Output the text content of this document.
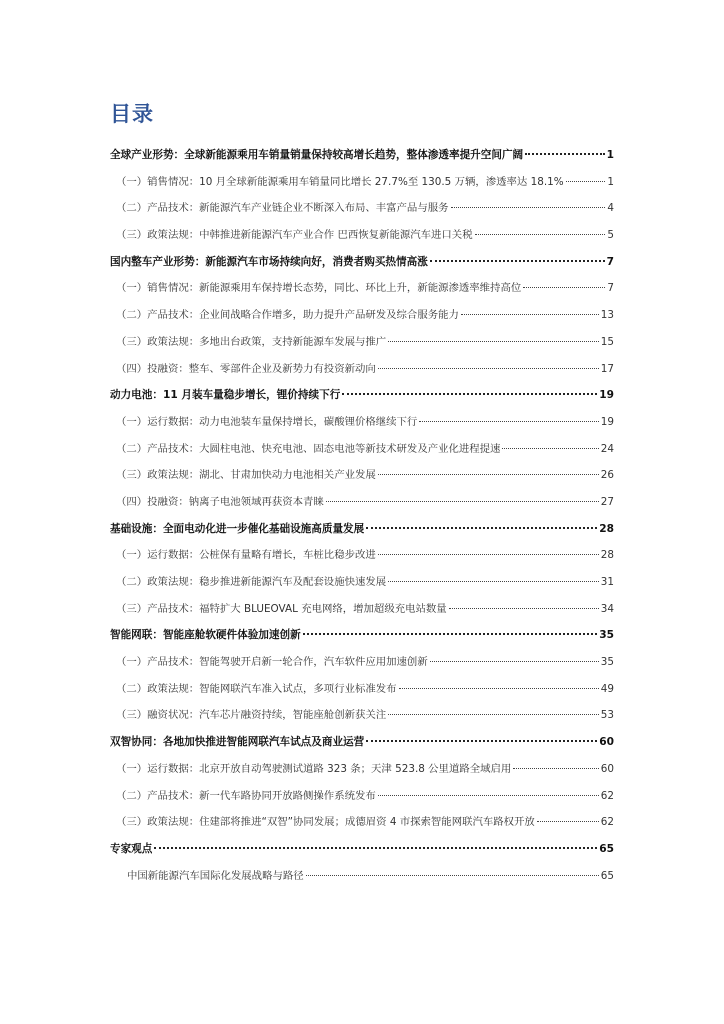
目录
全球产业形势：全球新能源乘用车销量销量保持较高增长趋势，整体渗透率提升空间广阔	1
（一）销售情况：10 月全球新能源乘用车销量同比增长 27.7%至 130.5 万辆，渗透率达 18.1%	1
（二）产品技术：新能源汽车产业链企业不断深入布局、丰富产品与服务	4
（三）政策法规：中韩推进新能源汽车产业合作 巴西恢复新能源汽车进口关税	5
国内整车产业形势：新能源汽车市场持续向好，消费者购买热情高涨	7
（一）销售情况：新能源乘用车保持增长态势，同比、环比上升，新能源渗透率维持高位	7
（二）产品技术：企业间战略合作增多，助力提升产品研发及综合服务能力	13
（三）政策法规：多地出台政策，支持新能源车发展与推广	15
（四）投融资：整车、零部件企业及新势力有投资新动向	17
动力电池：11 月装车量稳步增长，锂价持续下行	19
（一）运行数据：动力电池装车量保持增长，碳酸锂价格继续下行	19
（二）产品技术：大圆柱电池、快充电池、固态电池等新技术研发及产业化进程提速	24
（三）政策法规：湖北、甘肃加快动力电池相关产业发展	26
（四）投融资：钠离子电池领域再获资本青睐	27
基础设施：全面电动化进一步催化基础设施高质量发展	28
（一）运行数据：公桩保有量略有增长，车桩比稳步改进	28
（二）政策法规：稳步推进新能源汽车及配套设施快速发展	31
（三）产品技术：福特扩大 BLUEOVAL 充电网络，增加超级充电站数量	34
智能网联：智能座舱软硬件体验加速创新	35
（一）产品技术：智能驾驶开启新一轮合作，汽车软件应用加速创新	35
（二）政策法规：智能网联汽车准入试点，多项行业标准发布	49
（三）融资状况：汽车芯片融资持续，智能座舱创新获关注	53
双智协同：各地加快推进智能网联汽车试点及商业运营	60
（一）运行数据：北京开放自动驾驶测试道路 323 条；天津 523.8 公里道路全域启用	60
（二）产品技术：新一代车路协同开放路侧操作系统发布	62
（三）政策法规：住建部将推进“双智”协同发展；成德眉资 4 市探索智能网联汽车路权开放	62
专家观点	65
中国新能源汽车国际化发展战略与路径	65
